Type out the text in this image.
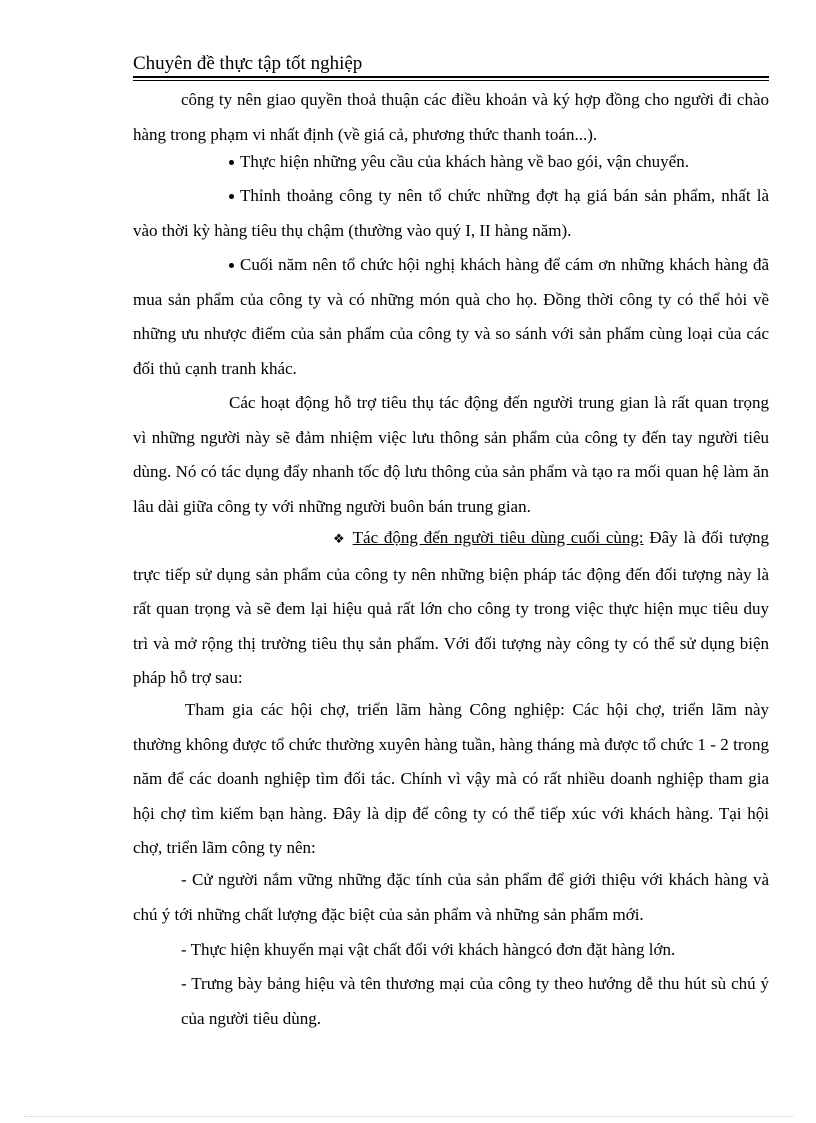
Chuyên đề thực tập tốt nghiệp

công ty nên giao quyền thoả thuận các điều khoản và ký hợp đồng cho người đi chào hàng trong phạm vi nhất định (về giá cả, phương thức thanh toán...).

Thực hiện những yêu cầu của khách hàng về bao gói, vận chuyển.

Thỉnh thoảng công ty nên tổ chức những đợt hạ giá bán sản phẩm, nhất là vào thời kỳ hàng tiêu thụ chậm (thường vào quý I, II hàng năm).

Cuối năm nên tổ chức hội nghị khách hàng để cám ơn những khách hàng đã mua sản phẩm của công ty và có những món quà cho họ. Đồng thời công ty có thể hỏi về những ưu nhược điểm của sản phẩm của công ty và so sánh với sản phẩm cùng loại của các đối thủ cạnh tranh khác.

Các hoạt động hỗ trợ tiêu thụ tác động đến người trung gian là rất quan trọng vì những người này sẽ đảm nhiệm việc lưu thông sản phẩm của công ty đến tay người tiêu dùng. Nó có tác dụng đẩy nhanh tốc độ lưu thông của sản phẩm và tạo ra mối quan hệ làm ăn lâu dài giữa công ty với những người buôn bán trung gian.

❖ Tác động đến người tiêu dùng cuối cùng: Đây là đối tượng trực tiếp sử dụng sản phẩm của công ty nên những biện pháp tác động đến đối tượng này là rất quan trọng và sẽ đem lại hiệu quả rất lớn cho công ty trong việc thực hiện mục tiêu duy trì và mở rộng thị trường tiêu thụ sản phẩm. Với đối tượng này công ty có thể sử dụng biện pháp hỗ trợ sau:

Tham gia các hội chợ, triển lãm hàng Công nghiệp: Các hội chợ, triển lãm này thường không được tổ chức thường xuyên hàng tuần, hàng tháng mà được tổ chức 1 - 2 trong năm để các doanh nghiệp tìm đối tác. Chính vì vậy mà có rất nhiều doanh nghiệp tham gia hội chợ tìm kiếm bạn hàng. Đây là dịp để công ty có thể tiếp xúc với khách hàng. Tại hội chợ, triển lãm công ty nên:

- Cử người nắm vững những đặc tính của sản phẩm để giới thiệu với khách hàng và chú ý tới những chất lượng đặc biệt của sản phẩm và những sản phẩm mới.

- Thực hiện khuyến mại vật chất đối với khách hàngcó đơn đặt hàng lớn.

- Trưng bày bảng hiệu và tên thương mại của công ty theo hướng dễ thu hút sù chú ý của người tiêu dùng.
